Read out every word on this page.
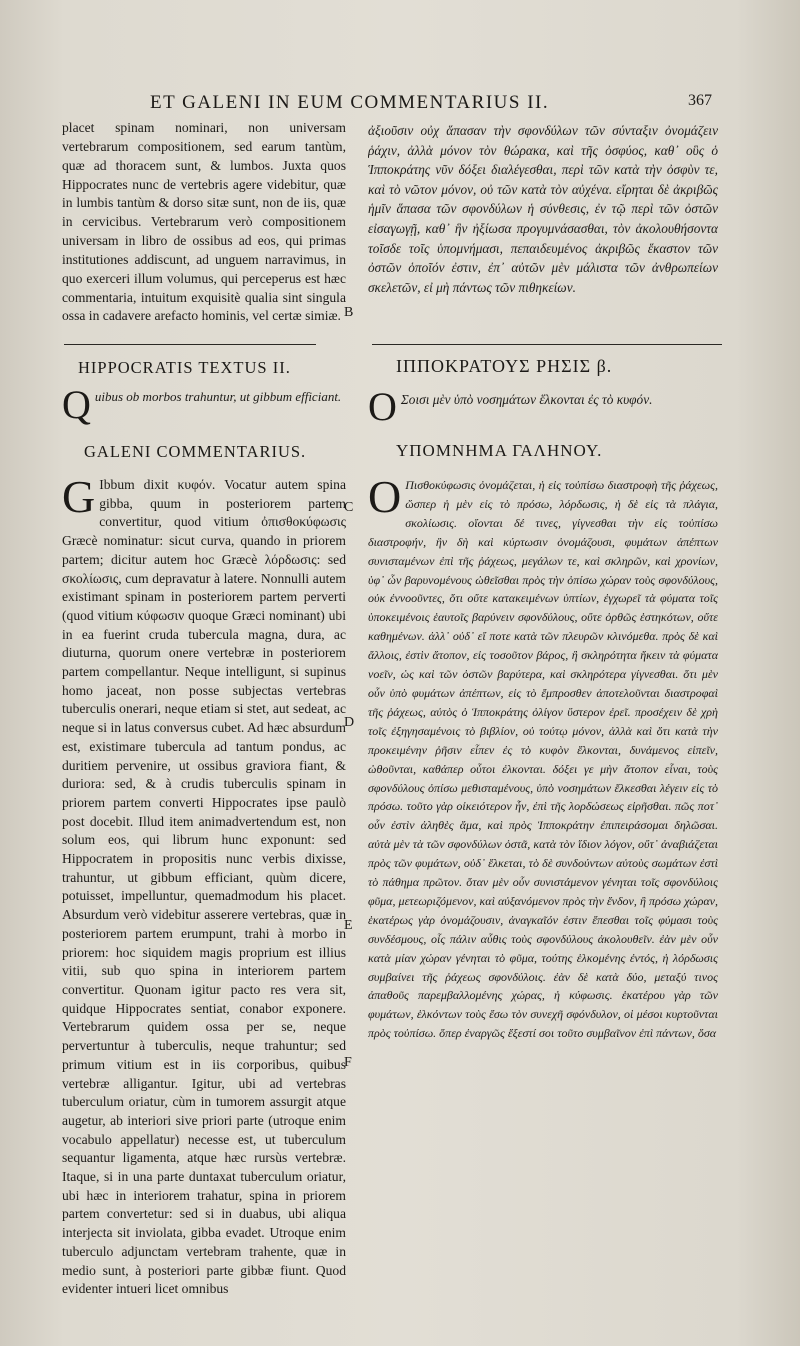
ET GALENI IN EUM COMMENTARIUS II.	367
placet spinam nominari, non universam vertebrarum compositionem, sed earum tantùm, quæ ad thoracem sunt, & lumbos. Juxta quos Hippocrates nunc de vertebris agere videbitur, quæ in lumbis tantùm & dorso sitæ sunt, non de iis, quæ in cervicibus. Vertebrarum verò compositionem universam in libro de ossibus ad eos, qui primas institutiones addiscunt, ad unguem narravimus, in quo exerceri illum volumus, qui perceperus est hæc commentaria, intuitum exquisitè qualia sint singula ossa in cadavere arefacto hominis, vel certæ simiæ.
ἀξιοῦσιν οὐχ ἅπασαν τὴν σφονδύλων τῶν σύνταξιν ὀνομάζειν ῥάχιν, ἀλλὰ μόνον τὸν θώρακα, καὶ τῆς ὀσφύος, καθ᾽ οὓς ὁ Ἱπποκράτης νῦν δόξει διαλέγεσθαι, περὶ τῶν κατὰ τὴν ὀσφὺν τε, καὶ τὸ νῶτον μόνον, οὐ τῶν κατὰ τὸν αὐχένα. εἴρηται δὲ ἀκριβῶς ἡμῖν ἅπασα τῶν σφονδύλων ἡ σύνθεσις, ἐν τῷ περὶ τῶν ὀστῶν εἰσαγωγῇ, καθ᾽ ἣν ἠξίωσα προγυμνάσασθαι, τὸν ἀκολουθήσοντα τοῖσδε τοῖς ὑπομνήμασι, πεπαιδευμένος ἀκριβῶς ἕκαστον τῶν ὀστῶν ὁποῖόν ἐστιν, ἐπ᾽ αὐτῶν μὲν μάλιστα τῶν ἀνθρωπείων σκελετῶν, εἰ μὴ πάντως τῶν πιθηκείων.
B
C
D
E
F
HIPPOCRATIS TEXTUS II.	ΙΠΠΟΚΡΑΤΟΥΣ ΡΗΣΙΣ β.
Q uibus ob morbos trahuntur, ut gibbum efficiant. O Σοισι μὲν ὑπὸ νοσημάτων ἕλκονται ἐς τὸ κυφόν.
GALENI COMMENTARIUS.	ΥΠΟΜΝΗΜΑ ΓΑΛΗΝΟΥ.
G Ibbum dixit κυφόν. Vocatur autem spina gibba, quum in posteriorem partem convertitur, quod vitium ὀπισθοκύφωσις Græcè nominatur: sicut curva, quando in priorem partem; dicitur autem hoc Græcè λόρδωσις: sed σκολίωσις, cum depravatur à latere. Nonnulli autem existimant spinam in posteriorem partem perverti (quod vitium κύφωσιν quoque Græci nominant) ubi in ea fuerint cruda tubercula magna, dura, ac diuturna, quorum onere vertebræ in posteriorem partem compellantur. Neque intelligunt, si supinus homo jaceat, non posse subjectas vertebras tuberculis onerari, neque etiam si stet, aut sedeat, ac neque si in latus conversus cubet. Ad hæc absurdum est, existimare tubercula ad tantum pondus, ac duritiem pervenire, ut ossibus graviora fiant, & duriora: sed, & à crudis tuberculis spinam in priorem partem converti Hippocrates ipse paulò post docebit. Illud item animadvertendum est, non solum eos, qui librum hunc exponunt: sed Hippocratem in propositis nunc verbis dixisse, trahuntur, ut gibbum efficiant, quùm dicere, potuisset, impelluntur, quemadmodum his placet. Absurdum verò videbitur asserere vertebras, quæ in posteriorem partem erumpunt, trahi à morbo in priorem: hoc siquidem magis proprium est illius vitii, sub quo spina in interiorem partem convertitur. Quonam igitur pacto res vera sit, quidque Hippocrates sentiat, conabor exponere. Vertebrarum quidem ossa per se, neque pervertuntur à tuberculis, neque trahuntur; sed primum vitium est in iis corporibus, quibus vertebræ alligantur. Igitur, ubi ad vertebras tuberculum oriatur, cùm in tumorem assurgit atque augetur, ab interiori sive priori parte (utroque enim vocabulo appellatur) necesse est, ut tuberculum sequantur ligamenta, atque hæc rursùs vertebræ. Itaque, si in una parte duntaxat tuberculum oriatur, ubi hæc in interiorem trahatur, spina in priorem partem convertetur: sed si in duabus, ubi aliqua interjecta sit inviolata, gibba evadet. Utroque enim tuberculo adjunctam vertebram trahente, quæ in medio sunt, à posteriori parte gibbæ fiunt. Quod evidenter intueri licet omnibus
O Πισθοκύφωσις ὀνομάζεται, ἡ εἰς τοὐπίσω διαστροφὴ τῆς ῥάχεως, ὥσπερ ἡ μὲν εἰς τὸ πρόσω, λόρδωσις, ἡ δὲ εἰς τὰ πλάγια, σκολίωσις. οἴονται δέ τινες, γίγνεσθαι τὴν εἰς τοὐπίσω διαστροφήν, ἣν δὴ καὶ κύρτωσιν ὀνομάζουσι, φυμάτων ἀπέπτων συνισταμένων ἐπὶ τῆς ῥάχεως, μεγάλων τε, καὶ σκληρῶν, καὶ χρονίων, ὑφ᾽ ὧν βαρυνομένους ὠθεῖσθαι πρὸς τὴν ὀπίσω χώραν τοὺς σφονδύλους, οὐκ ἐννοοῦντες, ὅτι οὔτε κατακειμένων ὑπτίων, ἐγχωρεῖ τὰ φύματα τοῖς ὑποκειμένοις ἑαυτοῖς βαρύνειν σφονδύλους, οὔτε ὀρθῶς ἑστηκότων, οὔτε καθημένων. ἀλλ᾽ οὐδ᾽ εἴ ποτε κατὰ τῶν πλευρῶν κλινόμεθα. πρὸς δὲ καὶ ἄλλοις, ἐστὶν ἄτοπον, εἰς τοσοῦτον βάρος, ἢ σκληρότητα ἥκειν τὰ φύματα νοεῖν, ὡς καὶ τῶν ὀστῶν βαρύτερα, καὶ σκληρότερα γίγνεσθαι. ὅτι μὲν οὖν ὑπὸ φυμάτων ἀπέπτων, εἰς τὸ ἔμπροσθεν ἀποτελοῦνται διαστροφαὶ τῆς ῥάχεως, αὐτὸς ὁ Ἱπποκράτης ὀλίγον ὕστερον ἐρεῖ. προσέχειν δὲ χρὴ τοῖς ἐξηγησαμένοις τὸ βιβλίον, οὐ τούτῳ μόνον, ἀλλὰ καὶ ὅτι κατὰ τὴν προκειμένην ῥῆσιν εἶπεν ἐς τὸ κυφὸν ἕλκονται, δυνάμενος εἰπεῖν, ὠθοῦνται, καθάπερ οὗτοι ἐλκονται. δόξει γε μὴν ἄτοπον εἶναι, τοὺς σφονδύλους ὀπίσω μεθισταμένους, ὑπὸ νοσημάτων ἕλκεσθαι λέγειν εἰς τὸ πρόσω. τοῦτο γὰρ οἰκειότερον ἦν, ἐπὶ τῆς λορδώσεως εἰρῆσθαι. πῶς ποτ᾽ οὖν ἐστὶν ἀληθὲς ἅμα, καὶ πρὸς Ἱπποκράτην ἐπιπειράσομαι δηλῶσαι. αὐτὰ μὲν τὰ τῶν σφονδύλων ὀστᾶ, κατὰ τὸν ἴδιον λόγον, οὔτ᾽ ἀναβιάζεται πρὸς τῶν φυμάτων, οὐδ᾽ ἕλκεται, τὸ δὲ συνδούντων αὐτοὺς σωμάτων ἐστὶ τὸ πάθημα πρῶτον. ὅταν μὲν οὖν συνιστάμενον γένηται τοῖς σφονδύλοις φῦμα, μετεωριζόμενον, καὶ αὐξανόμενον πρὸς τὴν ἔνδον, ἢ πρόσω χώραν, ἑκατέρως γὰρ ὀνομάζουσιν, ἀναγκαῖόν ἐστιν ἕπεσθαι τοῖς φύμασι τοὺς συνδέσμους, οἷς πάλιν αὖθις τοὺς σφονδύλους ἀκολουθεῖν. ἐὰν μὲν οὖν κατὰ μίαν χώραν γένηται τὸ φῦμα, τούτης ἑλκομένης ἐντός, ἡ λόρδωσις συμβαίνει τῆς ῥάχεως σφονδύλοις. ἐὰν δὲ κατὰ δύο, μεταξύ τινος ἀπαθοῦς παρεμβαλλομένης χώρας, ἡ κύφωσις. ἑκατέρου γὰρ τῶν φυμάτων, ἑλκόντων τοὺς ἔσω τὸν συνεχῆ σφόνδυλον, οἱ μέσοι κυρτοῦνται πρὸς τοὐπίσω. ὅπερ ἐναργῶς ἔξεστί σοι τοῦτο συμβαῖνον ἐπὶ πάντων, ὅσα
